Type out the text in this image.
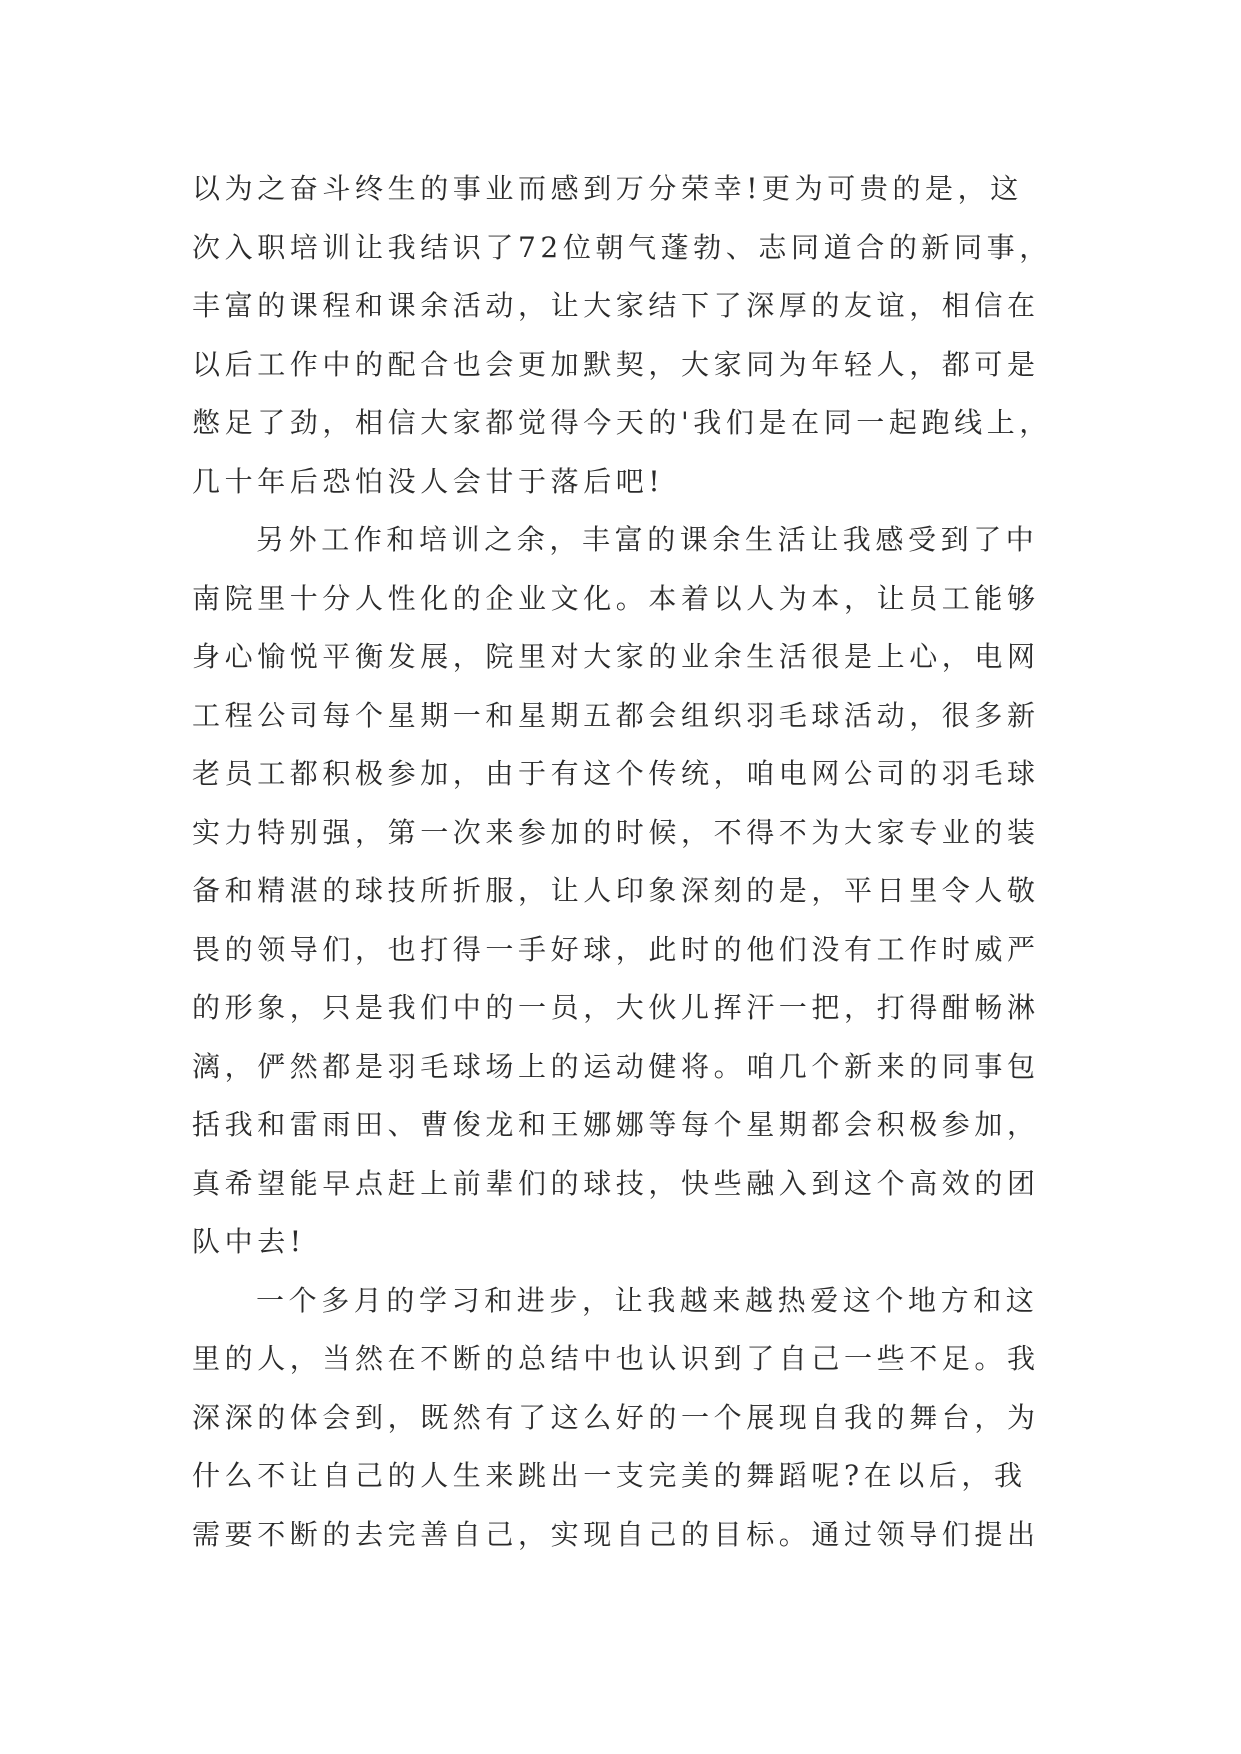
以为之奋斗终生的事业而感到万分荣幸!更为可贵的是，这
次入职培训让我结识了72位朝气蓬勃、志同道合的新同事，
丰富的课程和课余活动，让大家结下了深厚的友谊，相信在
以后工作中的配合也会更加默契，大家同为年轻人，都可是
憋足了劲，相信大家都觉得今天的'我们是在同一起跑线上，
几十年后恐怕没人会甘于落后吧!
另外工作和培训之余，丰富的课余生活让我感受到了中
南院里十分人性化的企业文化。本着以人为本，让员工能够
身心愉悦平衡发展，院里对大家的业余生活很是上心，电网
工程公司每个星期一和星期五都会组织羽毛球活动，很多新
老员工都积极参加，由于有这个传统，咱电网公司的羽毛球
实力特别强，第一次来参加的时候，不得不为大家专业的装
备和精湛的球技所折服，让人印象深刻的是，平日里令人敬
畏的领导们，也打得一手好球，此时的他们没有工作时威严
的形象，只是我们中的一员，大伙儿挥汗一把，打得酣畅淋
漓，俨然都是羽毛球场上的运动健将。咱几个新来的同事包
括我和雷雨田、曹俊龙和王娜娜等每个星期都会积极参加，
真希望能早点赶上前辈们的球技，快些融入到这个高效的团
队中去!
一个多月的学习和进步，让我越来越热爱这个地方和这
里的人，当然在不断的总结中也认识到了自己一些不足。我
深深的体会到，既然有了这么好的一个展现自我的舞台，为
什么不让自己的人生来跳出一支完美的舞蹈呢?在以后，我
需要不断的去完善自己，实现自己的目标。通过领导们提出
